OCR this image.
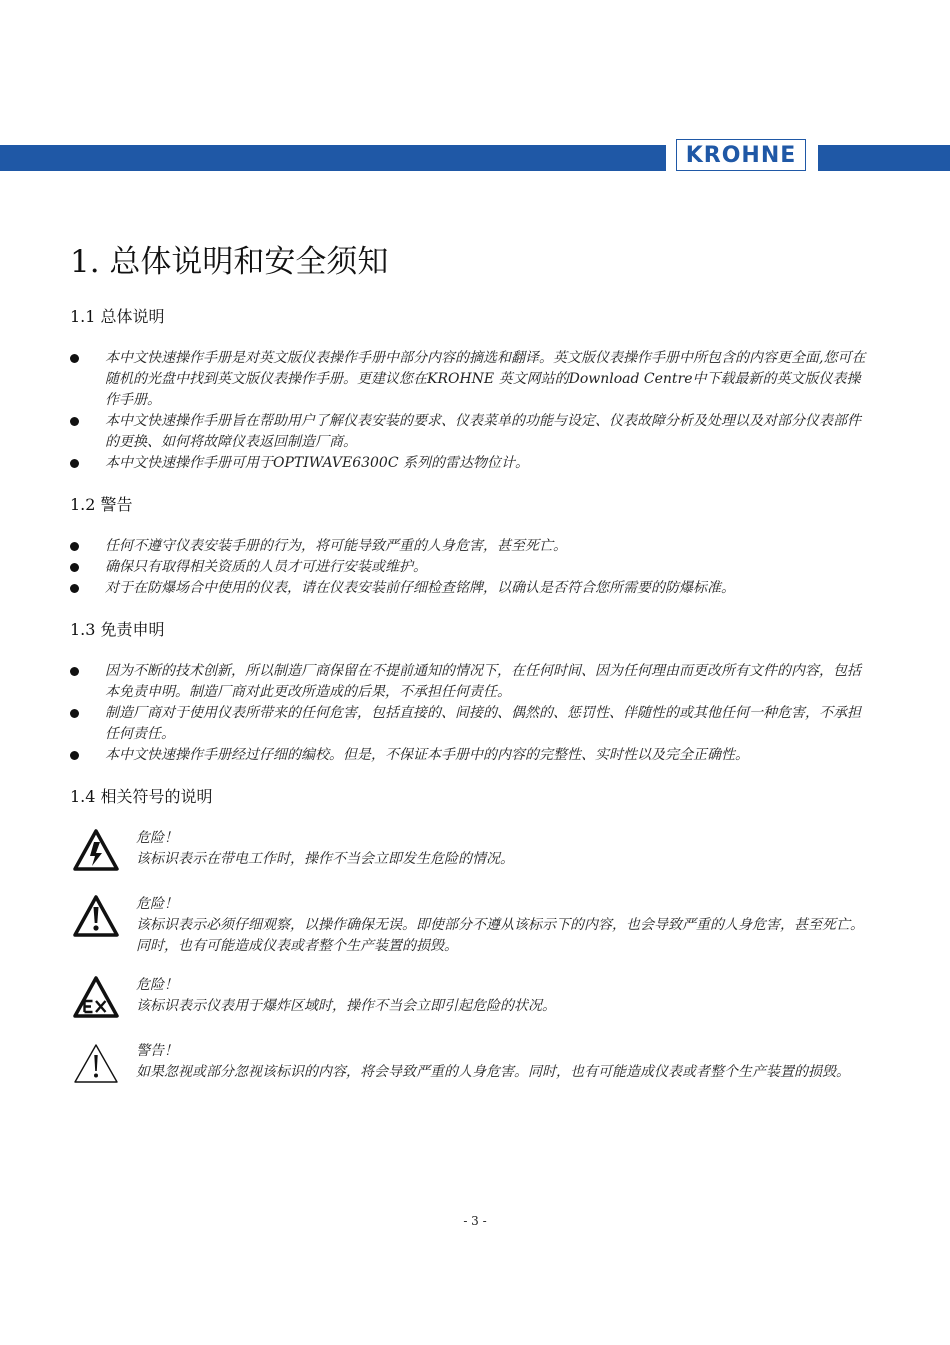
KROHNE
1. 总体说明和安全须知
1.1 总体说明
本中文快速操作手册是对英文版仪表操作手册中部分内容的摘选和翻译。英文版仪表操作手册中所包含的内容更全面,您可在随机的光盘中找到英文版仪表操作手册。更建议您在KROHNE 英文网站的Download Centre中下载最新的英文版仪表操作手册。
本中文快速操作手册旨在帮助用户了解仪表安装的要求、仪表菜单的功能与设定、仪表故障分析及处理以及对部分仪表部件的更换、如何将故障仪表返回制造厂商。
本中文快速操作手册可用于OPTIWAVE6300C 系列的雷达物位计。
1.2 警告
任何不遵守仪表安装手册的行为，将可能导致严重的人身危害，甚至死亡。
确保只有取得相关资质的人员才可进行安装或维护。
对于在防爆场合中使用的仪表，请在仪表安装前仔细检查铭牌，以确认是否符合您所需要的防爆标准。
1.3 免责申明
因为不断的技术创新，所以制造厂商保留在不提前通知的情况下，在任何时间、因为任何理由而更改所有文件的内容，包括本免责申明。制造厂商对此更改所造成的后果，不承担任何责任。
制造厂商对于使用仪表所带来的任何危害，包括直接的、间接的、偶然的、惩罚性、伴随性的或其他任何一种危害，不承担任何责任。
本中文快速操作手册经过仔细的编校。但是，不保证本手册中的内容的完整性、实时性以及完全正确性。
1.4 相关符号的说明
危险！
该标识表示在带电工作时，操作不当会立即发生危险的情况。
危险！
该标识表示必须仔细观察，以操作确保无误。即使部分不遵从该标示下的内容，也会导致严重的人身危害，甚至死亡。同时，也有可能造成仪表或者整个生产装置的损毁。
危险！
该标识表示仪表用于爆炸区域时，操作不当会立即引起危险的状况。
警告！
如果忽视或部分忽视该标识的内容，将会导致严重的人身危害。同时，也有可能造成仪表或者整个生产装置的损毁。
- 3 -
